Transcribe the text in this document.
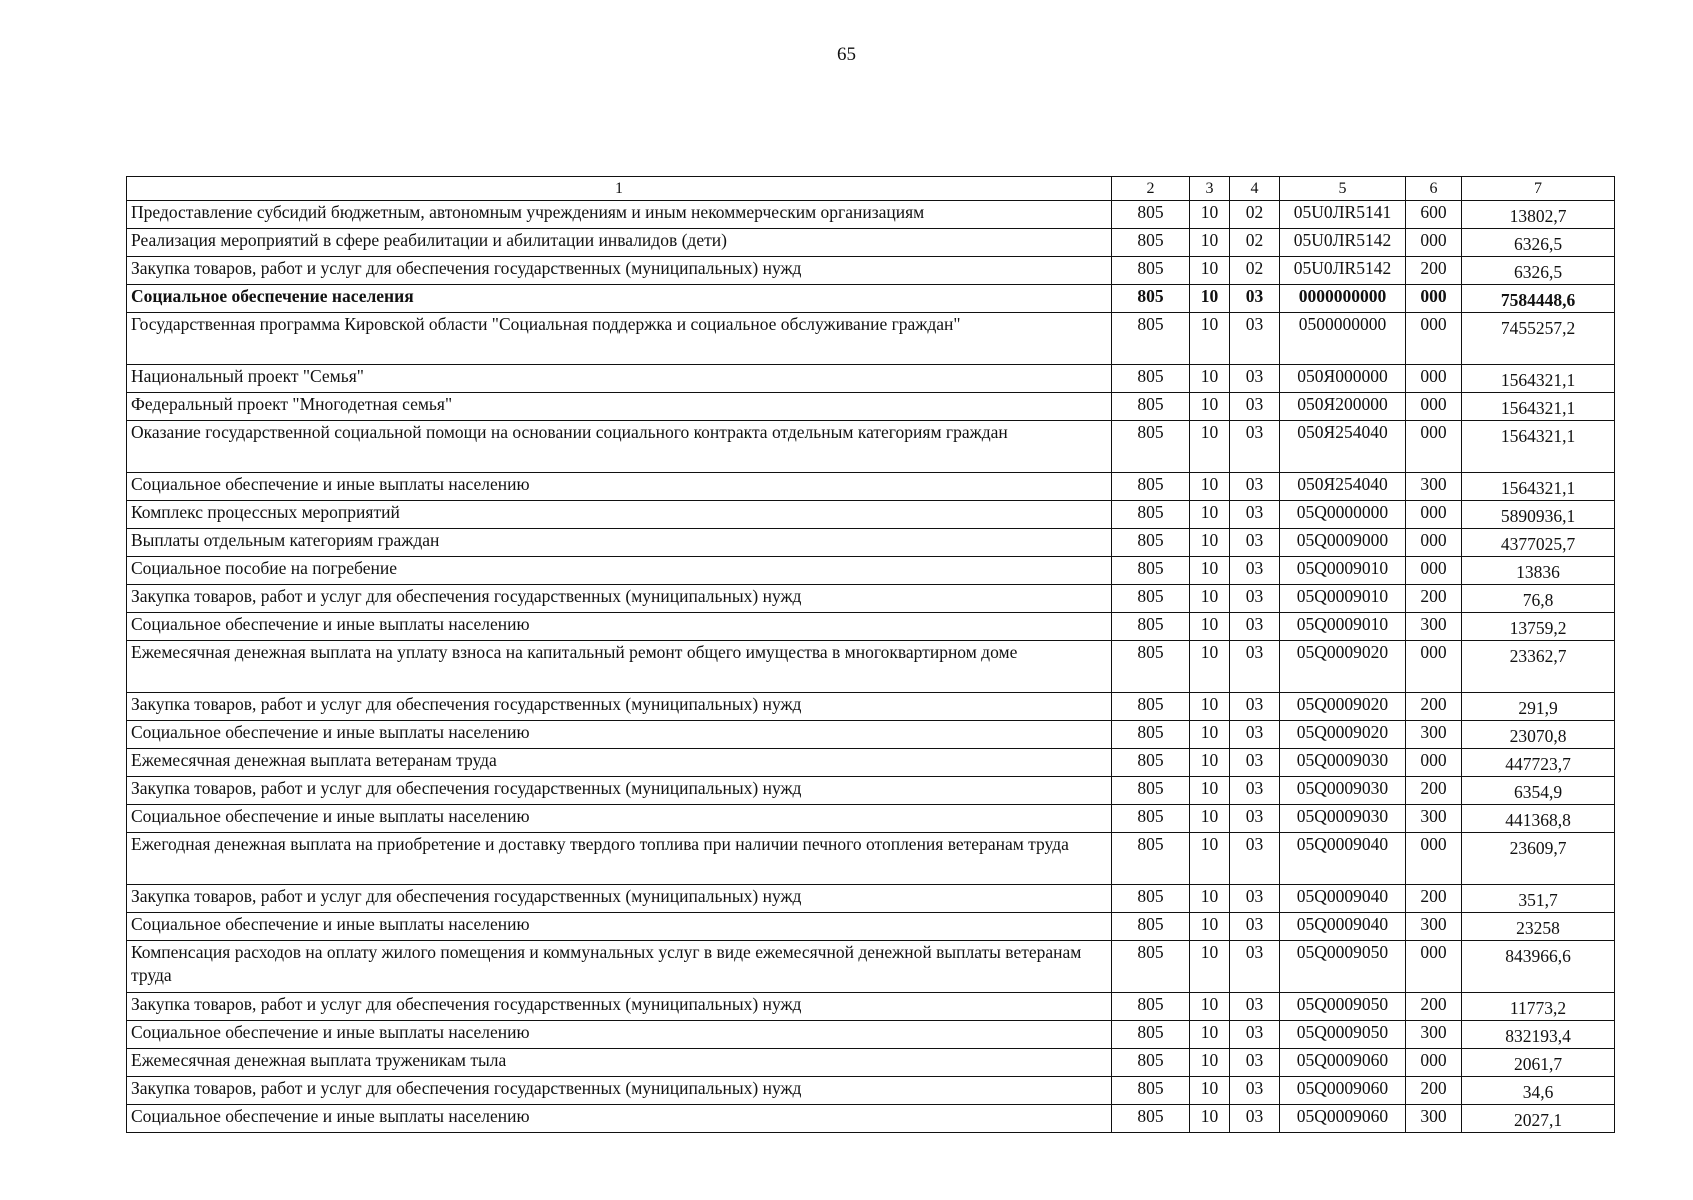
65
1	2	3	4	5	6	7
Предоставление субсидий бюджетным, автономным учреждениям и иным некоммерческим организациям	805	10	02	05U0ЛR5141	600	13802,7
Реализация мероприятий в сфере реабилитации и абилитации инвалидов (дети)	805	10	02	05U0ЛR5142	000	6326,5
Закупка товаров, работ и услуг для обеспечения государственных (муниципальных) нужд	805	10	02	05U0ЛR5142	200	6326,5
Социальное обеспечение населения	805	10	03	0000000000	000	7584448,6
Государственная программа Кировской области "Социальная поддержка и социальное обслуживание граждан"	805	10	03	0500000000	000	7455257,2
Национальный проект "Семья"	805	10	03	050Я000000	000	1564321,1
Федеральный проект "Многодетная семья"	805	10	03	050Я200000	000	1564321,1
Оказание государственной социальной помощи на основании социального контракта отдельным категориям граждан	805	10	03	050Я254040	000	1564321,1
Социальное обеспечение и иные выплаты населению	805	10	03	050Я254040	300	1564321,1
Комплекс процессных мероприятий	805	10	03	05Q0000000	000	5890936,1
Выплаты отдельным категориям граждан	805	10	03	05Q0009000	000	4377025,7
Социальное пособие на погребение	805	10	03	05Q0009010	000	13836
Закупка товаров, работ и услуг для обеспечения государственных (муниципальных) нужд	805	10	03	05Q0009010	200	76,8
Социальное обеспечение и иные выплаты населению	805	10	03	05Q0009010	300	13759,2
Ежемесячная денежная выплата на уплату взноса на капитальный ремонт общего имущества в многоквартирном доме	805	10	03	05Q0009020	000	23362,7
Закупка товаров, работ и услуг для обеспечения государственных (муниципальных) нужд	805	10	03	05Q0009020	200	291,9
Социальное обеспечение и иные выплаты населению	805	10	03	05Q0009020	300	23070,8
Ежемесячная денежная выплата ветеранам труда	805	10	03	05Q0009030	000	447723,7
Закупка товаров, работ и услуг для обеспечения государственных (муниципальных) нужд	805	10	03	05Q0009030	200	6354,9
Социальное обеспечение и иные выплаты населению	805	10	03	05Q0009030	300	441368,8
Ежегодная денежная выплата на приобретение и доставку твердого топлива при наличии печного отопления ветеранам труда	805	10	03	05Q0009040	000	23609,7
Закупка товаров, работ и услуг для обеспечения государственных (муниципальных) нужд	805	10	03	05Q0009040	200	351,7
Социальное обеспечение и иные выплаты населению	805	10	03	05Q0009040	300	23258
Компенсация расходов на оплату жилого помещения и коммунальных услуг в виде ежемесячной денежной выплаты ветеранам труда	805	10	03	05Q0009050	000	843966,6
Закупка товаров, работ и услуг для обеспечения государственных (муниципальных) нужд	805	10	03	05Q0009050	200	11773,2
Социальное обеспечение и иные выплаты населению	805	10	03	05Q0009050	300	832193,4
Ежемесячная денежная выплата труженикам тыла	805	10	03	05Q0009060	000	2061,7
Закупка товаров, работ и услуг для обеспечения государственных (муниципальных) нужд	805	10	03	05Q0009060	200	34,6
Социальное обеспечение и иные выплаты населению	805	10	03	05Q0009060	300	2027,1
